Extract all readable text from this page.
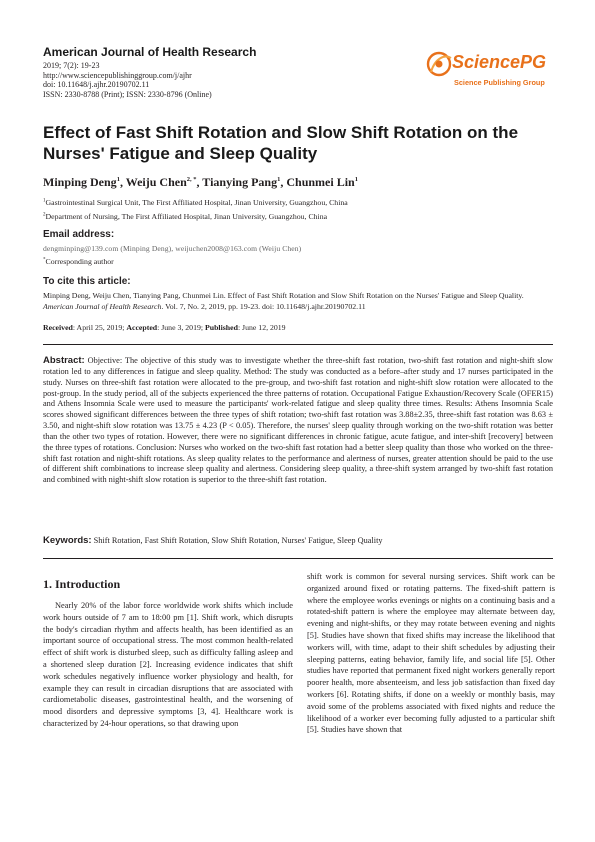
American Journal of Health Research
2019; 7(2): 19-23
http://www.sciencepublishinggroup.com/j/ajhr
doi: 10.11648/j.ajhr.20190702.11
ISSN: 2330-8788 (Print); ISSN: 2330-8796 (Online)
SciencePG
Science Publishing Group
Effect of Fast Shift Rotation and Slow Shift Rotation on the Nurses' Fatigue and Sleep Quality
Minping Deng$^1$, Weiju Chen$^{2, *}$, Tianying Pang$^1$, Chunmei Lin$^1$
$^1$Gastrointestinal Surgical Unit, The First Affiliated Hospital, Jinan University, Guangzhou, China
$^2$Department of Nursing, The First Affiliated Hospital, Jinan University, Guangzhou, China
Email address:
dengminping@139.com (Minping Deng), weijuchen2008@163.com (Weiju Chen)
*Corresponding author
To cite this article:
Minping Deng, Weiju Chen, Tianying Pang, Chunmei Lin. Effect of Fast Shift Rotation and Slow Shift Rotation on the Nurses' Fatigue and Sleep Quality. American Journal of Health Research. Vol. 7, No. 2, 2019, pp. 19-23. doi: 10.11648/j.ajhr.20190702.11
Received: April 25, 2019; Accepted: June 3, 2019; Published: June 12, 2019
Abstract: Objective: The objective of this study was to investigate whether the three-shift fast rotation, two-shift fast rotation and night-shift slow rotation led to any differences in fatigue and sleep quality. Method: The study was conducted as a before–after study and 17 nurses participated in the study. Nurses on three-shift fast rotation were allocated to the pre-group, and two-shift fast rotation and night-shift slow rotation were allocated to the post-group. In the study period, all of the subjects experienced the three patterns of rotation. Occupational Fatigue Exhaustion/Recovery Scale (OFER15) and Athens Insomnia Scale were used to measure the participants' work-related fatigue and sleep quality three times. Results: Athens Insomnia Scale scores showed significant differences between the three types of shift rotation; two-shift fast rotation was 3.88±2.35, three-shift fast rotation was 8.63 ± 3.50, and night-shift slow rotation was 13.75 ± 4.23 (P < 0.05). Therefore, the nurses' sleep quality through working on the two-shift rotation was better than the other two types of rotation. However, there were no significant differences in chronic fatigue, acute fatigue, and inter-shift [recovery] between the three types of rotations. Conclusion: Nurses who worked on the two-shift fast rotation had a better sleep quality than those who worked on the three-shift fast rotation and night-shift rotations. As sleep quality relates to the performance and alertness of nurses, greater attention should be paid to the use of different shift combinations to increase sleep quality and alertness. Considering sleep quality, a three-shift system arranged by two-shift fast rotation and combined with night-shift slow rotation is superior to the three-shift fast rotation.
Keywords: Shift Rotation, Fast Shift Rotation, Slow Shift Rotation, Nurses' Fatigue, Sleep Quality
1. Introduction
Nearly 20% of the labor force worldwide work shifts which include work hours outside of 7 am to 18:00 pm [1]. Shift work, which disrupts the body's circadian rhythm and affects health, has been identified as an important source of occupational stress. The most common health-related effect of shift work is disturbed sleep, such as difficulty falling asleep and a shortened sleep duration [2]. Increasing evidence indicates that shift work schedules negatively influence worker physiology and health, for example they can result in circadian disruptions that are associated with cardiometabolic diseases, gastrointestinal health, and the worsening of mood disorders and depressive symptoms [3, 4]. Healthcare work is characterized by 24-hour operations, so that drawing upon
shift work is common for several nursing services. Shift work can be organized around fixed or rotating patterns. The fixed-shift pattern is where the employee works evenings or nights on a continuing basis and a rotated-shift pattern is where the employee may alternate between day, evening and night-shifts, or they may rotate between evening and nights [5]. Studies have shown that fixed shifts may increase the likelihood that workers will, with time, adapt to their shift schedules by adjusting their sleeping patterns, eating behavior, family life, and social life [5]. Other studies have reported that permanent fixed night workers generally report poorer health, more absenteeism, and less job satisfaction than fixed day workers [6]. Rotating shifts, if done on a weekly or monthly basis, may avoid some of the problems associated with fixed nights and reduce the likelihood of a worker ever becoming fully adjusted to a particular shift [5]. Studies have shown that
